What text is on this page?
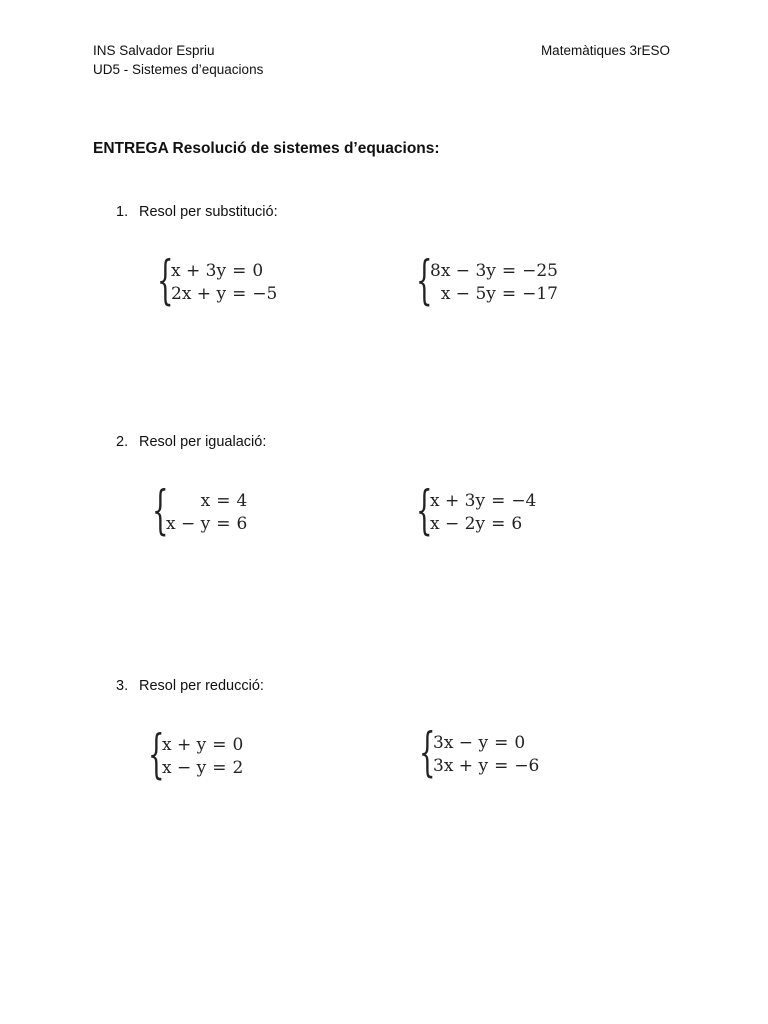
INS Salvador Espriu
UD5 - Sistemes d’equacions
Matemàtiques 3rESO
ENTREGA Resolució de sistemes d’equacions:
1. Resol per substitució:
{
x + 3y = 0
2x + y = −5	{
8x − 3y = −25
x − 5y = −17
2. Resol per igualació:
{	x = 4
x − y = 6	{
x + 3y = −4
x − 2y = 6
3. Resol per reducció:
{
x + y = 0
x − y = 2	{
3x − y = 0
3x + y = −6
